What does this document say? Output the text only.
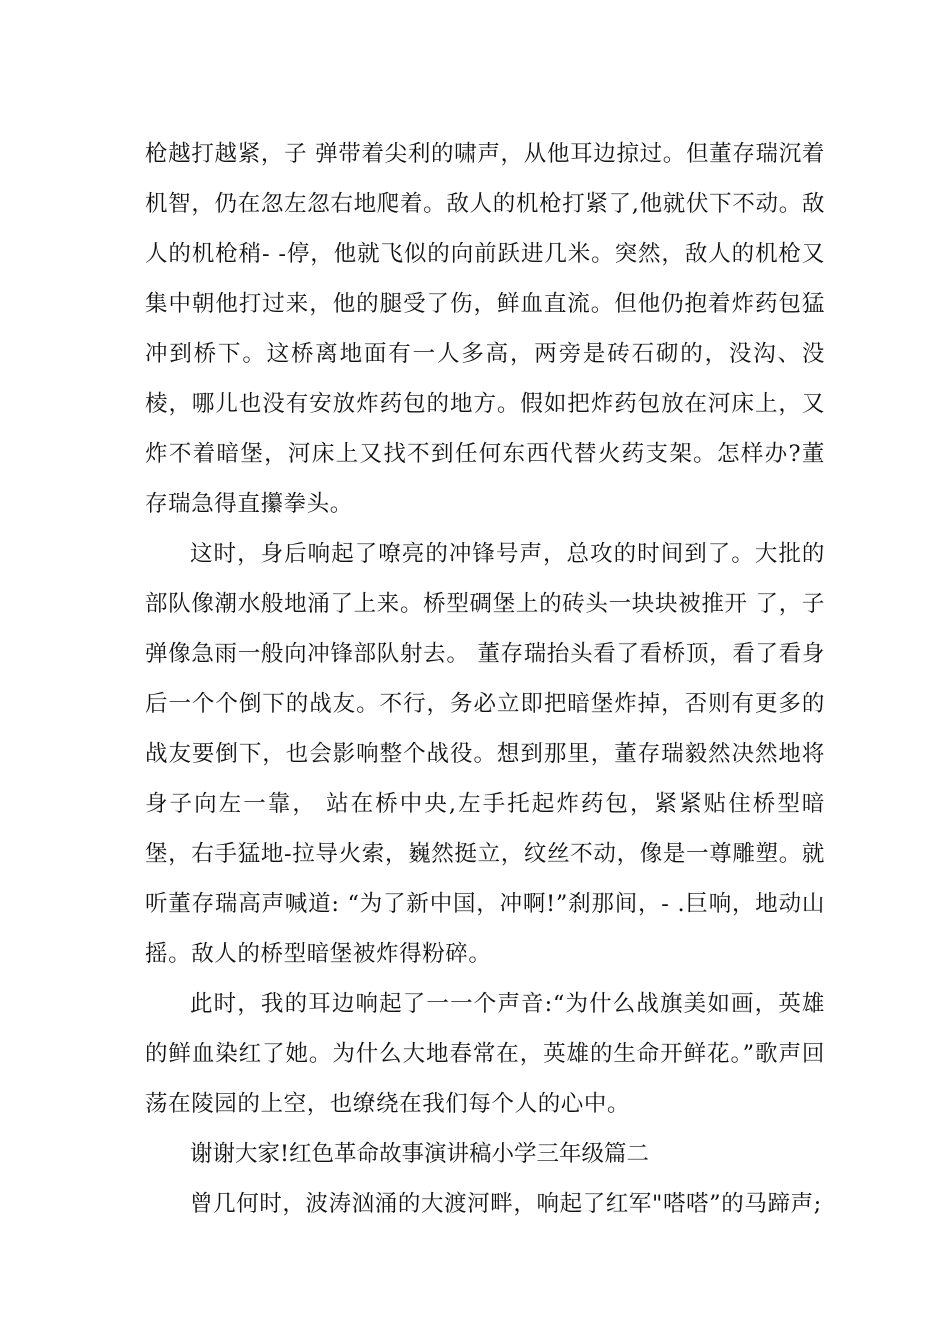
枪越打越紧，子 弹带着尖利的啸声，从他耳边掠过。但董存瑞沉着机智，仍在忽左忽右地爬着。敌人的机枪打紧了,他就伏下不动。敌人的机枪稍- -停，他就飞似的向前跃进几米。突然，敌人的机枪又集中朝他打过来，他的腿受了伤，鲜血直流。但他仍抱着炸药包猛冲到桥下。这桥离地面有一人多高，两旁是砖石砌的，没沟、没棱，哪儿也没有安放炸药包的地方。假如把炸药包放在河床上，又炸不着暗堡，河床上又找不到任何东西代替火药支架。怎样办?董存瑞急得直攥拳头。

这时，身后响起了嘹亮的冲锋号声，总攻的时间到了。大批的部队像潮水般地涌了上来。桥型碉堡上的砖头一块块被推开 了，子弹像急雨一般向冲锋部队射去。 董存瑞抬头看了看桥顶，看了看身后一个个倒下的战友。不行，务必立即把暗堡炸掉，否则有更多的战友要倒下，也会影响整个战役。想到那里，董存瑞毅然决然地将身子向左一靠， 站在桥中央,左手托起炸药包，紧紧贴住桥型暗堡，右手猛地-拉导火索，巍然挺立，纹丝不动，像是一尊雕塑。就听董存瑞高声喊道: “为了新中国，冲啊!”刹那间，- .巨响，地动山摇。敌人的桥型暗堡被炸得粉碎。

此时，我的耳边响起了一一个声音:“为什么战旗美如画，英雄的鲜血染红了她。为什么大地春常在，英雄的生命开鲜花。”歌声回荡在陵园的上空，也缭绕在我们每个人的心中。

谢谢大家!红色革命故事演讲稿小学三年级篇二

曾几何时，波涛汹涌的大渡河畔，响起了红军"嗒嗒”的马蹄声;
